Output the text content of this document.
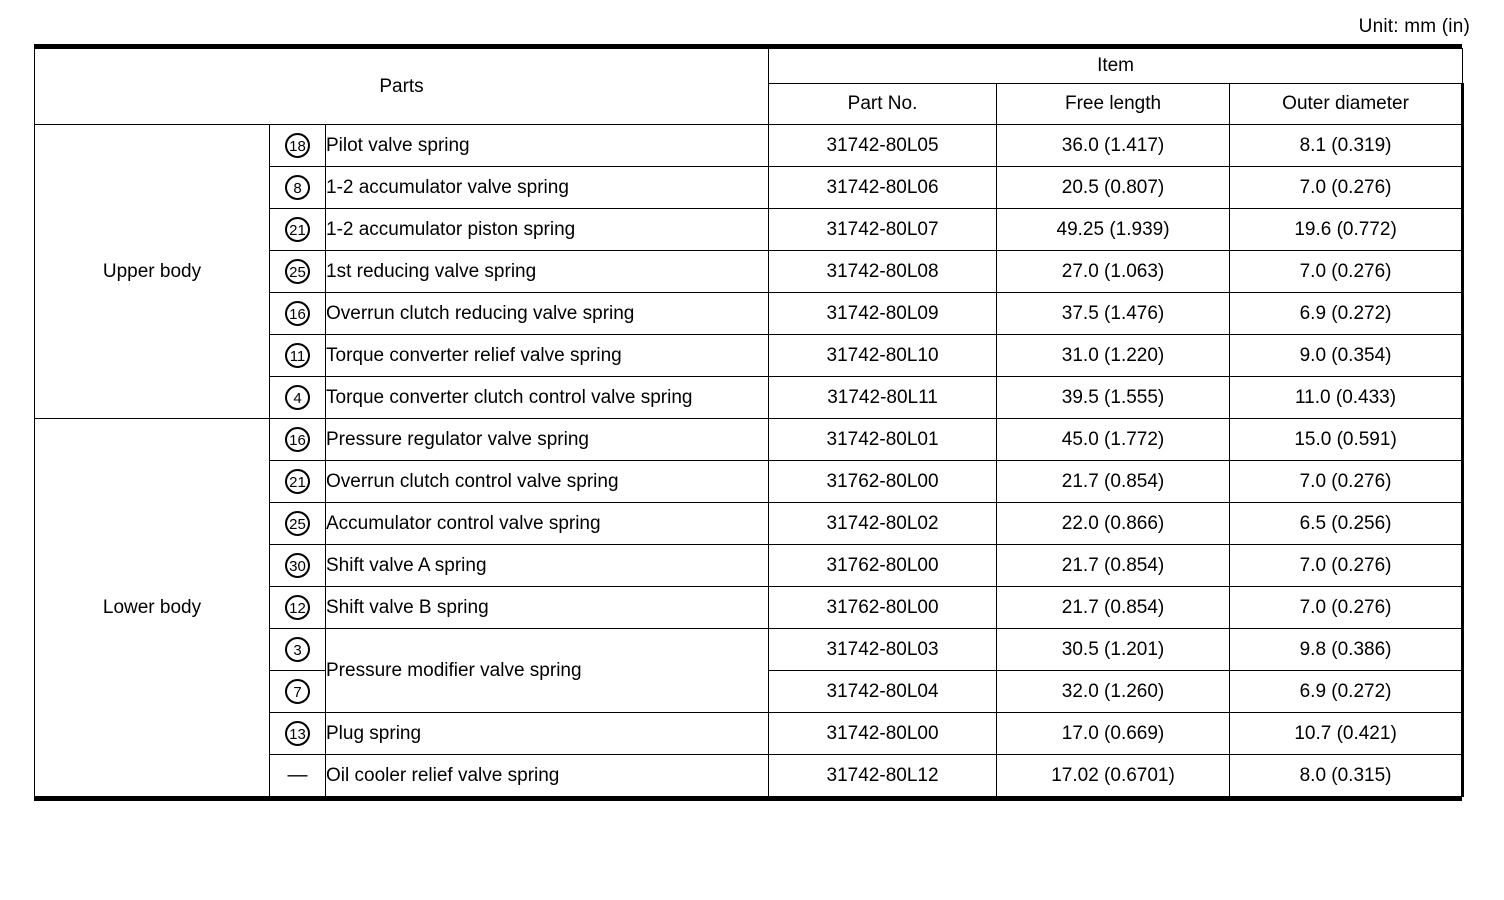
Unit: mm (in)
Parts			Item		
			Part No.	Free length	Outer diameter
Upper body	18	Pilot valve spring	31742-80L05	36.0 (1.417)	8.1 (0.319)
	8	1-2 accumulator valve spring	31742-80L06	20.5 (0.807)	7.0 (0.276)
	21	1-2 accumulator piston spring	31742-80L07	49.25 (1.939)	19.6 (0.772)
	25	1st reducing valve spring	31742-80L08	27.0 (1.063)	7.0 (0.276)
	16	Overrun clutch reducing valve spring	31742-80L09	37.5 (1.476)	6.9 (0.272)
	11	Torque converter relief valve spring	31742-80L10	31.0 (1.220)	9.0 (0.354)
	4	Torque converter clutch control valve spring	31742-80L11	39.5 (1.555)	11.0 (0.433)
Lower body	16	Pressure regulator valve spring	31742-80L01	45.0 (1.772)	15.0 (0.591)
	21	Overrun clutch control valve spring	31762-80L00	21.7 (0.854)	7.0 (0.276)
	25	Accumulator control valve spring	31742-80L02	22.0 (0.866)	6.5 (0.256)
	30	Shift valve A spring	31762-80L00	21.7 (0.854)	7.0 (0.276)
	12	Shift valve B spring	31762-80L00	21.7 (0.854)	7.0 (0.276)
	3	Pressure modifier valve spring	31742-80L03	30.5 (1.201)	9.8 (0.386)
	7		31742-80L04	32.0 (1.260)	6.9 (0.272)
	13	Plug spring	31742-80L00	17.0 (0.669)	10.7 (0.421)
	—	Oil cooler relief valve spring	31742-80L12	17.02 (0.6701)	8.0 (0.315)
